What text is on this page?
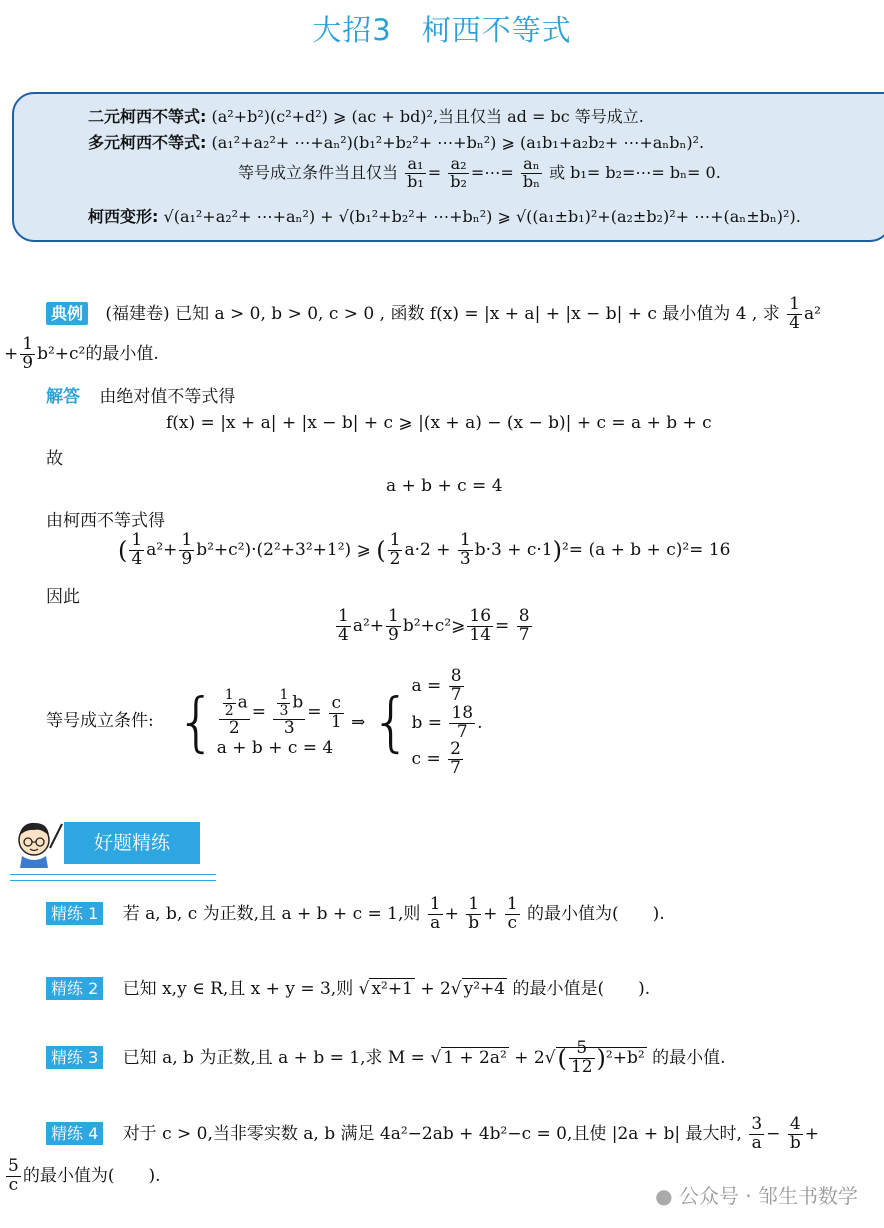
大招3　柯西不等式
二元柯西不等式: (a²+b²)(c²+d²) ⩾ (ac + bd)²,当且仅当 ad = bc 等号成立.
多元柯西不等式: (a₁²+a₂²+ ⋯+aₙ²)(b₁²+b₂²+ ⋯+bₙ²) ⩾ (a₁b₁+a₂b₂+ ⋯+aₙbₙ)².
等号成立条件当且仅当 $\frac{\text{a₁}}{\text{b₁}} = \frac{\text{a₂}}{\text{b₂}}$ =⋯= $\frac{\text{aₙ}}{\text{bₙ}}$ 或 b₁= b₂=⋯= bₙ= 0.
柯西变形: √(a₁²+a₂²+ ⋯+aₙ²) + √(b₁²+b₂²+ ⋯+bₙ²) ⩾ √((a₁±b₁)²+(a₂±b₂)²+ ⋯+(aₙ±bₙ)²).
典例 (福建卷) 已知 a > 0, b > 0, c > 0 , 函数 f(x) = |x + a| + |x − b| + c 最小值为 4 , 求 $\frac{1}{4} a^2$
+ $\frac{1}{9} b^2+c^2$的最小值.
解答 由绝对值不等式得
f(x) = |x + a| + |x − b| + c ⩾ |(x + a) − (x − b)| + c = a + b + c
故
a + b + c = 4
由柯西不等式得
( $\frac{1}{4} a^2+ \frac{1}{9} b^2+c^2)\cdot(2^2+3^2+1^2)$ ⩾ ( $\frac{1}{2} a\cdot 2 + \frac{1}{3} b\cdot 3 + c\cdot 1)^2= (a + b + c)^2= 16$
因此
$\frac{1}{4} a^2+ \frac{1}{9}$ b²+c²⩾ $\frac{16}{14} = \frac{8}{7}$
等号成立条件: { $\frac{\frac{1}{2} a}{2} = \frac{\frac{1}{3} b}{3} = \frac{c}{1}$
a + b + c = 4
⇒ {
$a = \frac{8}{7}$
$b = \frac{18}{7}$ .
$c = \frac{2}{7}$
好题精练
精练 1 若 a, b, c 为正数,且 a + b + c = 1,则 $\frac{1}{a} + \frac{1}{b} + \frac{1}{c}$ 的最小值为(　　).
精练 2 已知 x,y ∈ R,且 x + y = 3,则 √ x²+1 + 2√ y²+4 的最小值是(　　).
精练 3 已知 a, b 为正数,且 a + b = 1,求 M = √ $1 + 2a^2 + 2√( \frac{5}{12} )^2+b^2$ 的最小值.
精练 4 对于 c > 0,当非零实数 a, b 满足 4a²−2ab + 4b²−c = 0,且使 |2a + b| 最大时, $\frac{3}{a} - \frac{4}{b}$ +
$\frac{5}{c}$ 的最小值为(　　).
● 公众号 · 邹生书数学
